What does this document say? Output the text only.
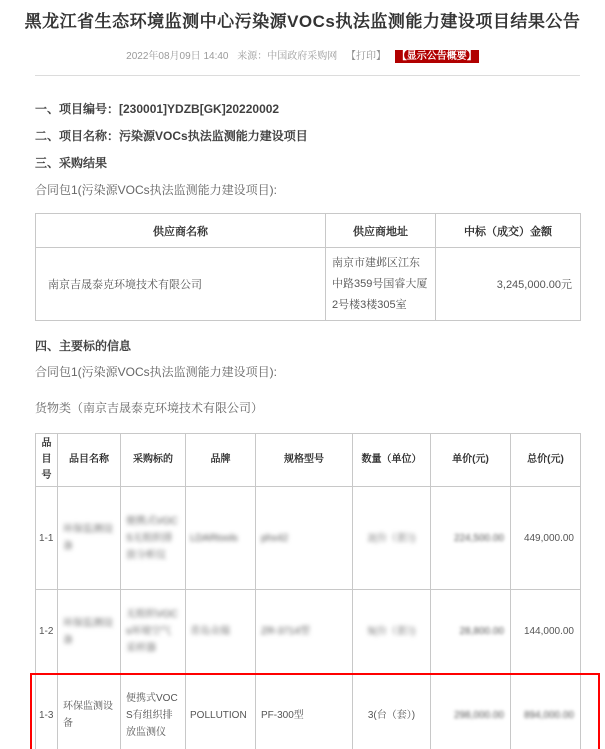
黑龙江省生态环境监测中心污染源VOCs执法监测能力建设项目结果公告
2022年08月09日 14:40 来源：中国政府采购网 【打印】 【显示公告概要】
一、项目编号：[230001]YDZB[GK]20220002
二、项目名称：污染源VOCs执法监测能力建设项目
三、采购结果
合同包1(污染源VOCs执法监测能力建设项目):
供应商名称	供应商地址	中标（成交）金额
南京吉晟泰克环境技术有限公司	南京市建邺区江东中路359号国睿大厦2号楼3楼305室	3,245,000.00元
四、主要标的信息
合同包1(污染源VOCs执法监测能力建设项目):
货物类（南京吉晟泰克环境技术有限公司）
品目号	品目名称	采购标的	品牌	规格型号	数量（单位）	单价(元)	总价(元)
1-1	环保监测设备	便携式VOCS无组织排放分析仪	LDARtools	phx42	2(台（套）)	224,500.00	449,000.00
1-2	环保监测设备	无组织VOCs环境空气采样器	青岛众瑞	ZR-3714型	5(台（套）)	28,800.00	144,000.00
1-3	环保监测设备	便携式VOCS有组织排放监测仪	POLLUTION	PF-300型	3(台（套）)	298,000.00	894,000.00
